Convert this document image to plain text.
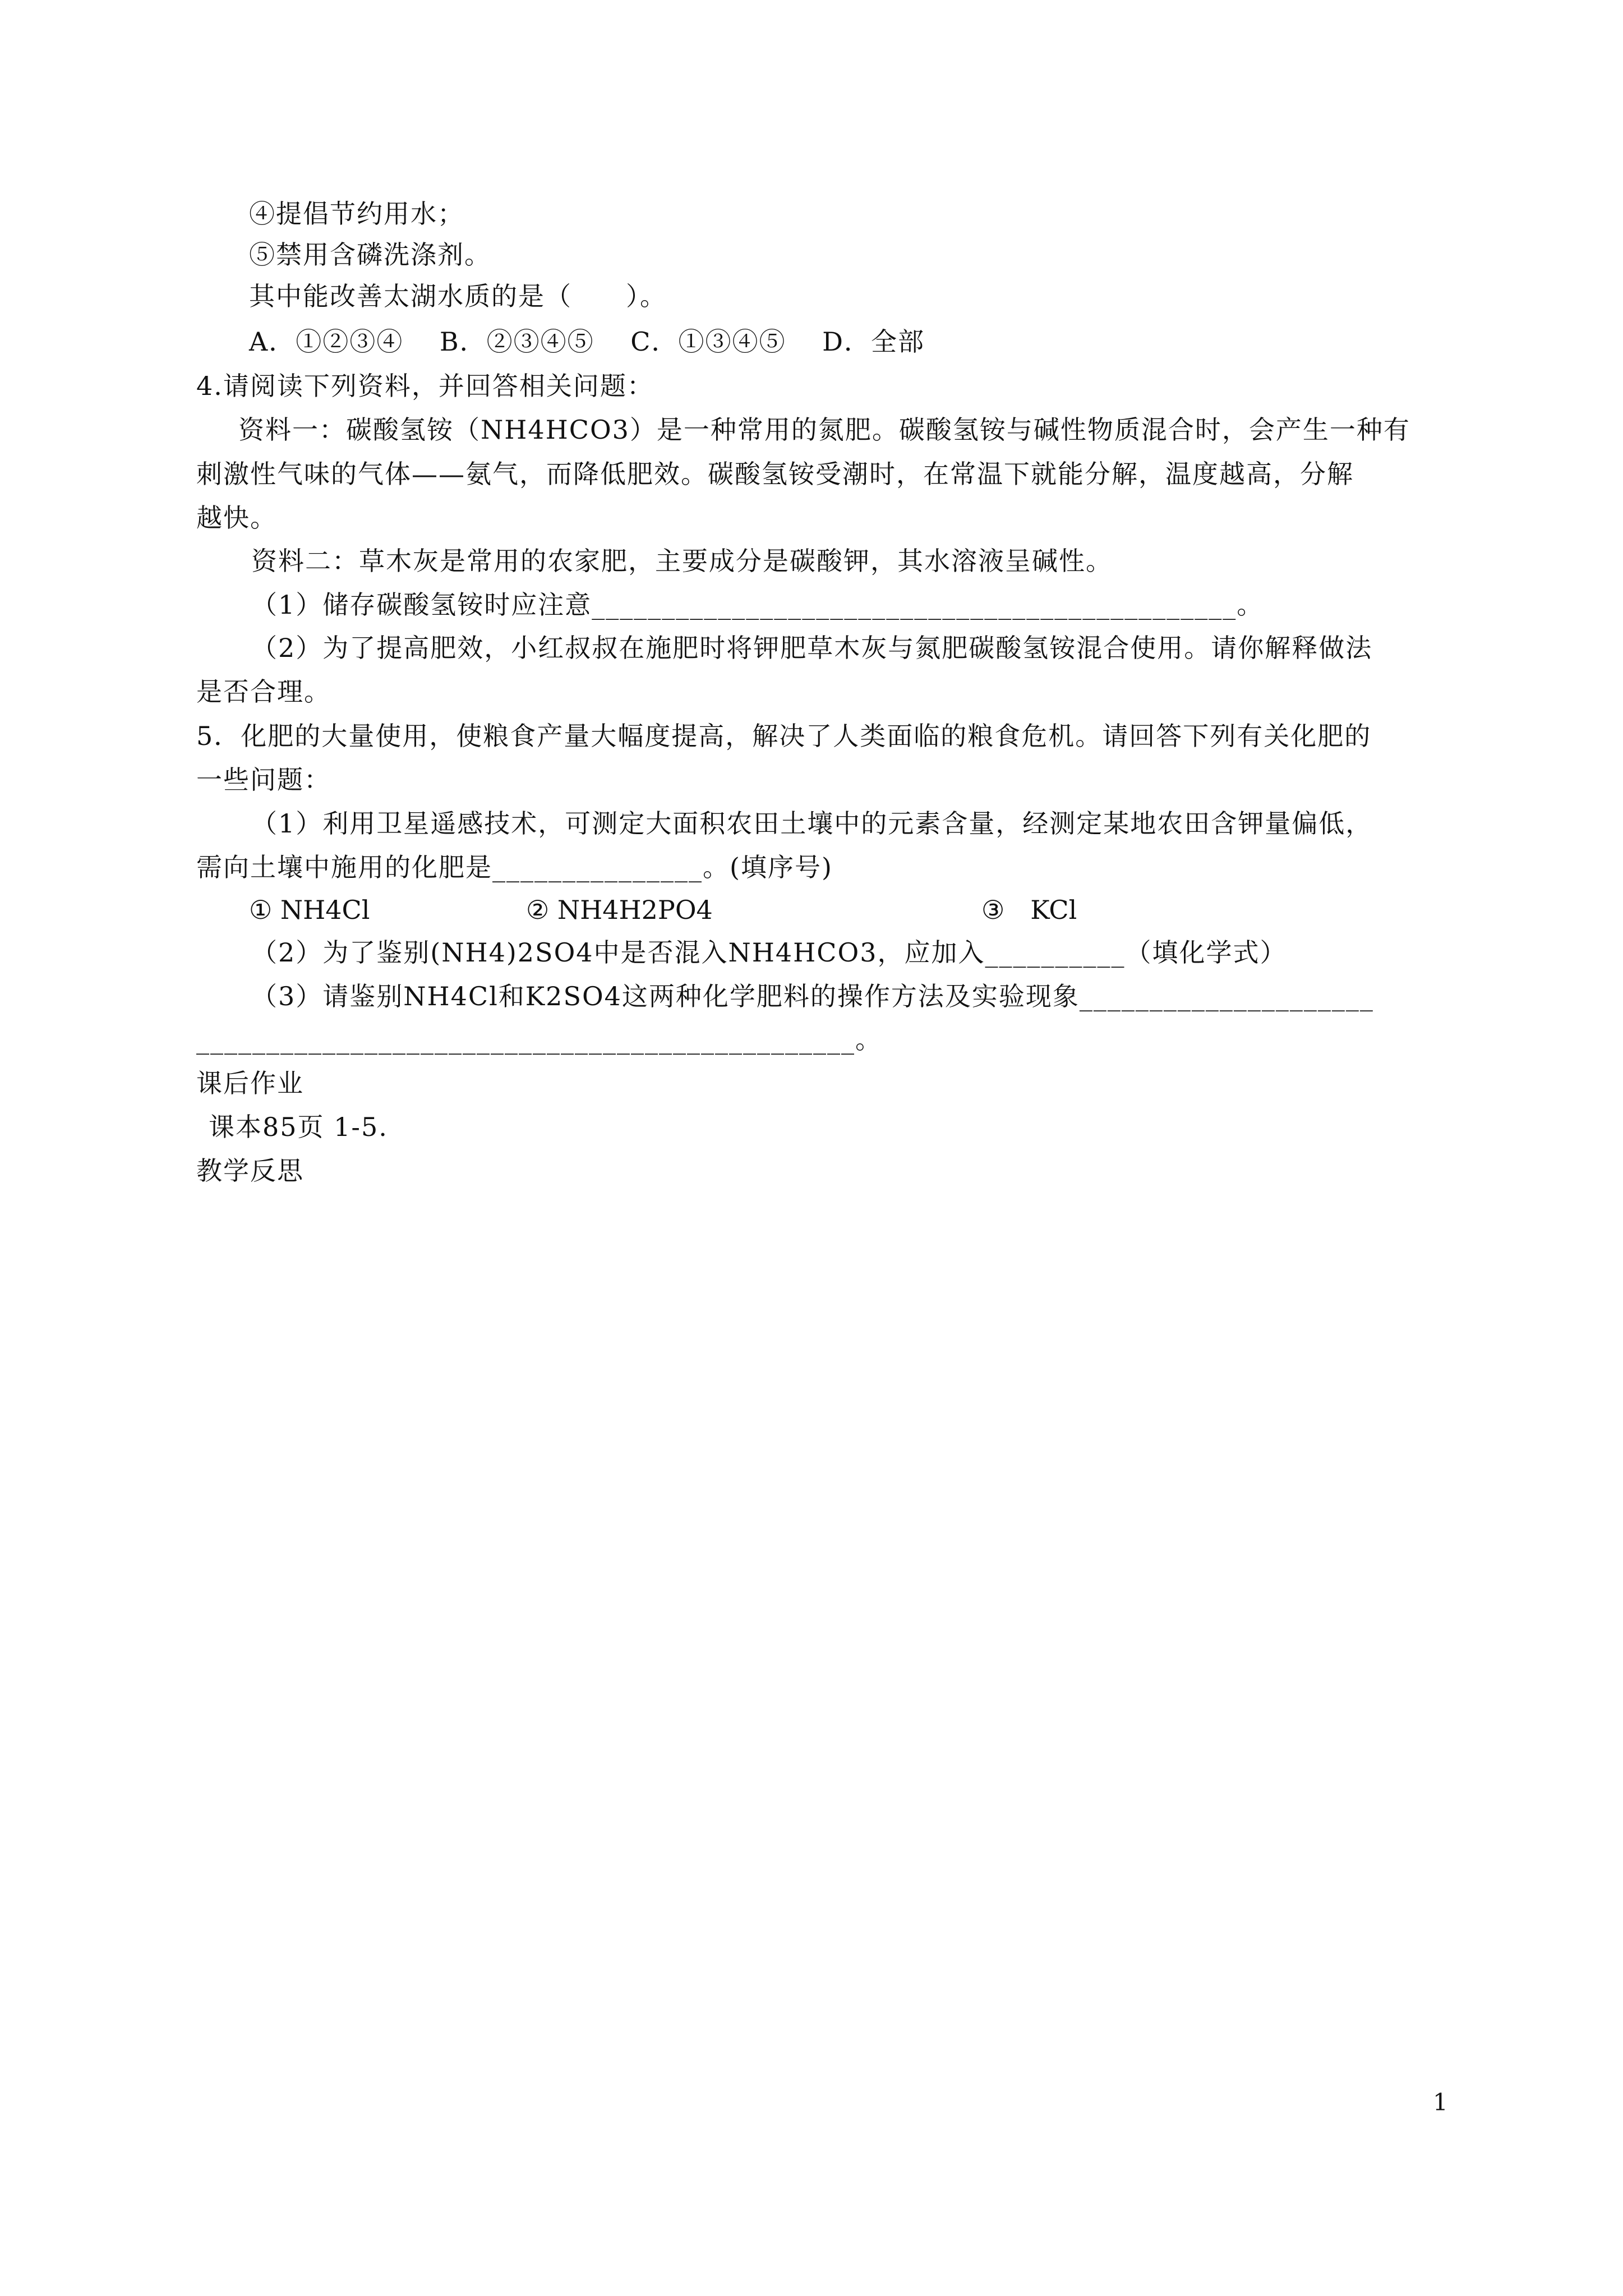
④提倡节约用水；
⑤禁用含磷洗涤剂。
其中能改善太湖水质的是（　　）。
A．①②③④　 B．②③④⑤　 C．①③④⑤　 D．全部
4.请阅读下列资料，并回答相关问题：
资料一：碳酸氢铵（NH4HCO3）是一种常用的氮肥。碳酸氢铵与碱性物质混合时，会产生一种有
刺激性气味的气体——氨气，而降低肥效。碳酸氢铵受潮时，在常温下就能分解，温度越高，分解
越快。
资料二：草木灰是常用的农家肥，主要成分是碳酸钾，其水溶液呈碱性。
（1）储存碳酸氢铵时应注意______________________________________________。
（2）为了提高肥效，小红叔叔在施肥时将钾肥草木灰与氮肥碳酸氢铵混合使用。请你解释做法
是否合理。
5．化肥的大量使用，使粮食产量大幅度提高，解决了人类面临的粮食危机。请回答下列有关化肥的
一些问题：
（1）利用卫星遥感技术，可测定大面积农田土壤中的元素含量，经测定某地农田含钾量偏低，
需向土壤中施用的化肥是_______________。(填序号)
① NH4Cl	② NH4H2PO4	③　KCl
（2）为了鉴别(NH4)2SO4中是否混入NH4HCO3，应加入__________（填化学式）
（3）请鉴别NH4Cl和K2SO4这两种化学肥料的操作方法及实验现象_____________________
_______________________________________________。
课后作业
课本85页 1-5.
教学反思
1
